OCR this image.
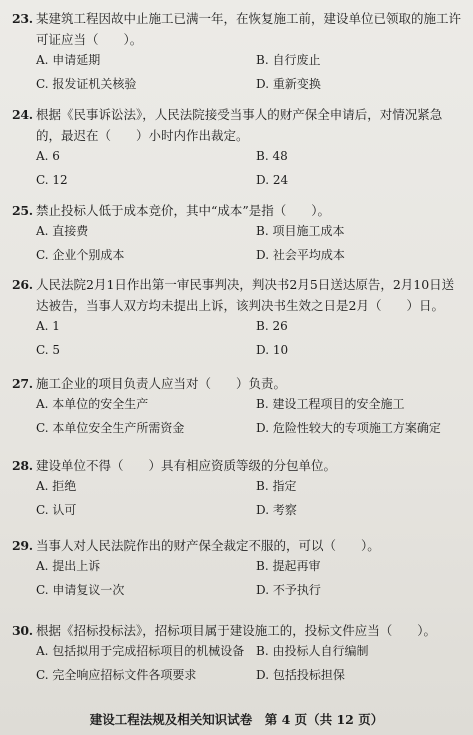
23. 某建筑工程因故中止施工已满一年，在恢复施工前，建设单位已领取的施工许可证应当（　　）。
A. 申请延期	B. 自行废止
C. 报发证机关核验	D. 重新变换
24. 根据《民事诉讼法》，人民法院接受当事人的财产保全申请后，对情况紧急的，最迟在（　　）小时内作出裁定。
A. 6	B. 48
C. 12	D. 24
25. 禁止投标人低于成本竞价，其中“成本”是指（　　）。
A. 直接费	B. 项目施工成本
C. 企业个别成本	D. 社会平均成本
26. 人民法院2月1日作出第一审民事判决，判决书2月5日送达原告，2月10日送达被告，当事人双方均未提出上诉，该判决书生效之日是2月（　　）日。
A. 1	B. 26
C. 5	D. 10
27. 施工企业的项目负责人应当对（　　）负责。
A. 本单位的安全生产	B. 建设工程项目的安全施工
C. 本单位安全生产所需资金	D. 危险性较大的专项施工方案确定
28. 建设单位不得（　　）具有相应资质等级的分包单位。
A. 拒绝	B. 指定
C. 认可	D. 考察
29. 当事人对人民法院作出的财产保全裁定不服的，可以（　　）。
A. 提出上诉	B. 提起再审
C. 申请复议一次	D. 不予执行
30. 根据《招标投标法》，招标项目属于建设施工的，投标文件应当（　　）。
A. 包括拟用于完成招标项目的机械设备 B. 由投标人自行编制
C. 完全响应招标文件各项要求	D. 包括投标担保
建设工程法规及相关知识试卷　第 4 页（共 12 页）
